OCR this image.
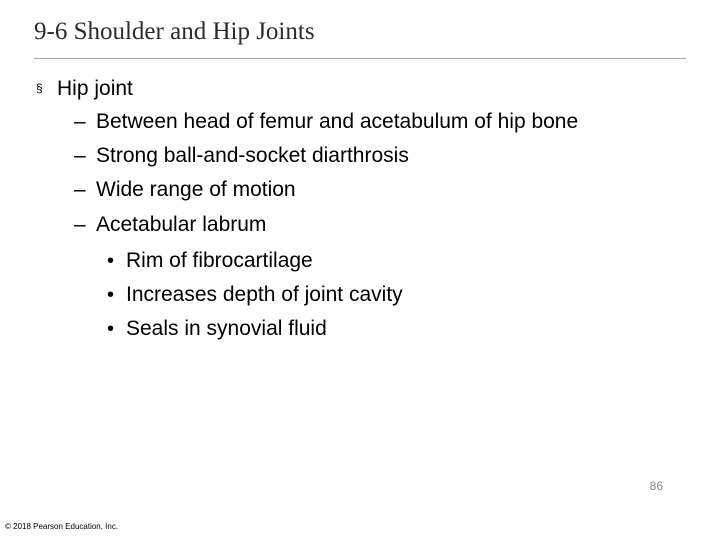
9-6 Shoulder and Hip Joints
§ Hip joint
– Between head of femur and acetabulum of hip bone
– Strong ball-and-socket diarthrosis
– Wide range of motion
– Acetabular labrum
• Rim of fibrocartilage
• Increases depth of joint cavity
• Seals in synovial fluid
86
© 2018 Pearson Education, Inc.
